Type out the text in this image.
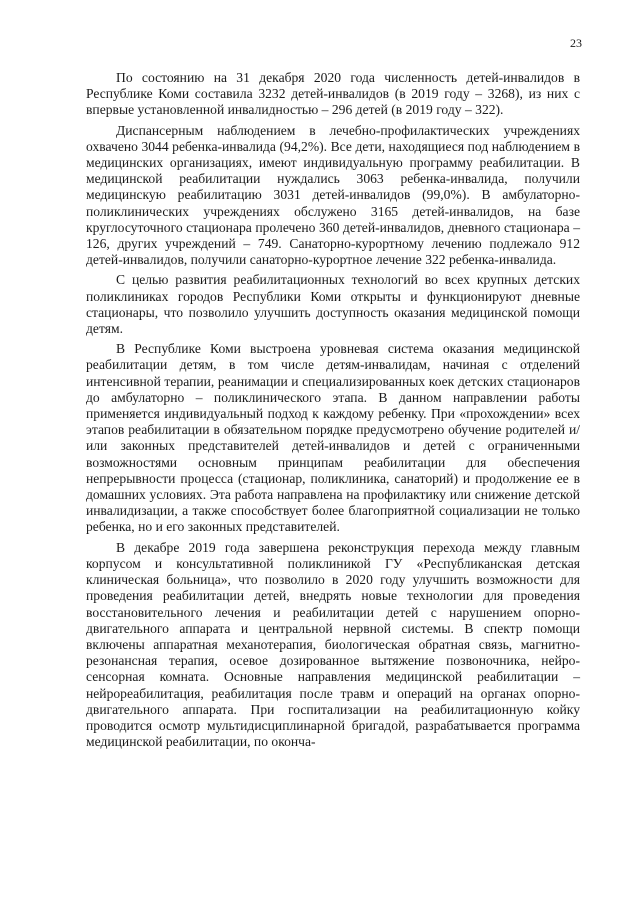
23

По состоянию на 31 декабря 2020 года численность детей-инвалидов в Республике Коми составила 3232 детей-инвалидов (в 2019 году – 3268), из них с впервые установленной инвалидностью – 296 детей (в 2019 году – 322).

Диспансерным наблюдением в лечебно-профилактических учреждениях охвачено 3044 ребенка-инвалида (94,2%). Все дети, находящиеся под наблюдением в медицинских организациях, имеют индивидуальную программу реабилитации. В медицинской реабилитации нуждались 3063 ребенка-инвалида, получили медицинскую реабилитацию 3031 детей-инвалидов (99,0%). В амбулаторно-поликлинических учреждениях обслужено 3165 детей-инвалидов, на базе круглосуточного стационара пролечено 360 детей-инвалидов, дневного стационара – 126, других учреждений – 749. Санаторно-курортному лечению подлежало 912 детей-инвалидов, получили санаторно-курортное лечение 322 ребенка-инвалида.

С целью развития реабилитационных технологий во всех крупных детских поликлиниках городов Республики Коми открыты и функционируют дневные стационары, что позволило улучшить доступность оказания медицинской помощи детям.

В Республике Коми выстроена уровневая система оказания медицинской реабилитации детям, в том числе детям-инвалидам, начиная с отделений интенсивной терапии, реанимации и специализированных коек детских стационаров до амбулаторно – поликлинического этапа. В данном направлении работы применяется индивидуальный подход к каждому ребенку. При «прохождении» всех этапов реабилитации в обязательном порядке предусмотрено обучение родителей и/или законных представителей детей-инвалидов и детей с ограниченными возможностями основным принципам реабилитации для обеспечения непрерывности процесса (стационар, поликлиника, санаторий) и продолжение ее в домашних условиях. Эта работа направлена на профилактику или снижение детской инвалидизации, а также способствует более благоприятной социализации не только ребенка, но и его законных представителей.

В декабре 2019 года завершена реконструкция перехода между главным корпусом и консультативной поликлиникой ГУ «Республиканская детская клиническая больница», что позволило в 2020 году улучшить возможности для проведения реабилитации детей, внедрять новые технологии для проведения восстановительного лечения и реабилитации детей с нарушением опорно-двигательного аппарата и центральной нервной системы. В спектр помощи включены аппаратная механотерапия, биологическая обратная связь, магнитно-резонансная терапия, осевое дозированное вытяжение позвоночника, нейро-сенсорная комната. Основные направления медицинской реабилитации – нейрореабилитация, реабилитация после травм и операций на органах опорно-двигательного аппарата. При госпитализации на реабилитационную койку проводится осмотр мультидисциплинарной бригадой, разрабатывается программа медицинской реабилитации, по оконча-
